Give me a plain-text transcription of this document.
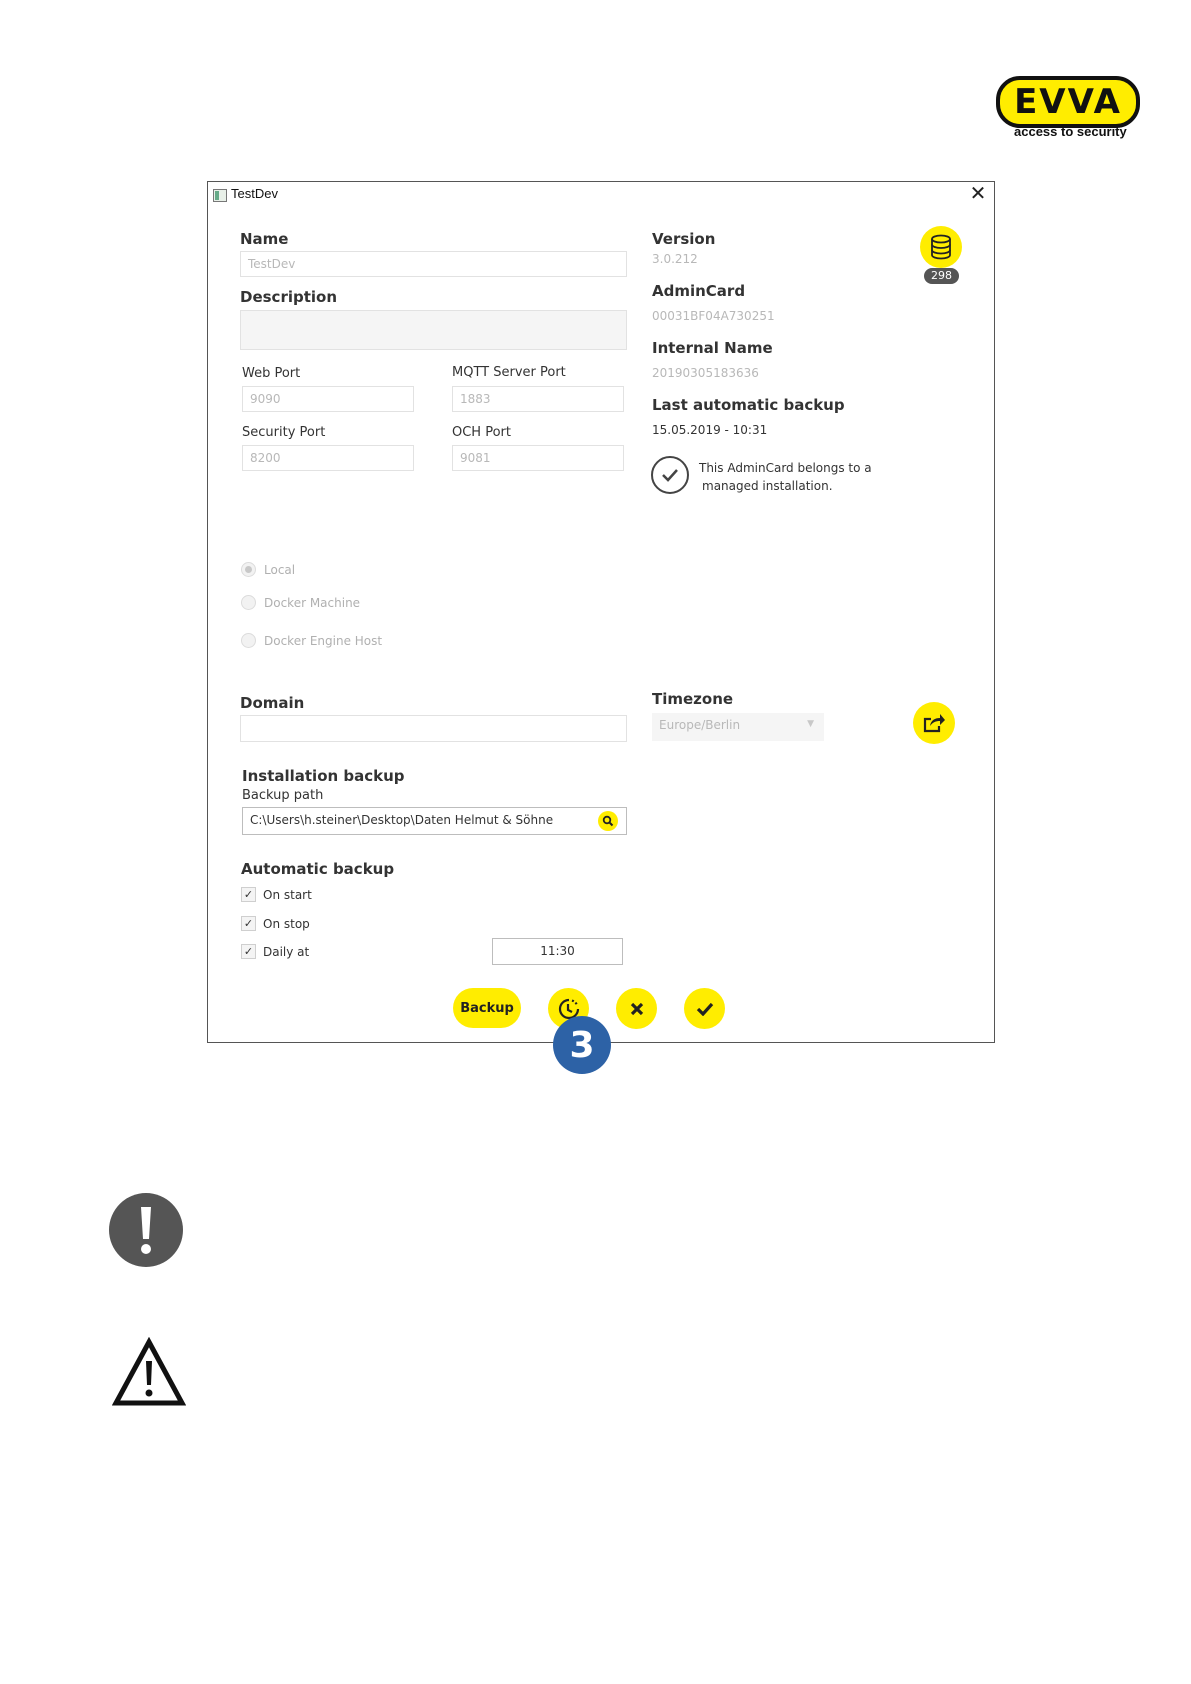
EVVA
access to security
TestDev	✕
Name
TestDev
Description
Web Port
9090
MQTT Server Port
1883
Security Port
8200
OCH Port
9081
Local
Docker Machine
Docker Engine Host
Domain
Installation backup
Backup path
C:\Users\h.steiner\Desktop\Daten Helmut & Söhne
Automatic backup
✓ On start
✓ On stop
✓ Daily at	11:30
Version
3.0.212
AdminCard
00031BF04A730251
Internal Name
20190305183636
Last automatic backup
15.05.2019 - 10:31
This AdminCard belongs to a
managed installation.
298
Timezone
Europe/Berlin	▼
Backup
3
